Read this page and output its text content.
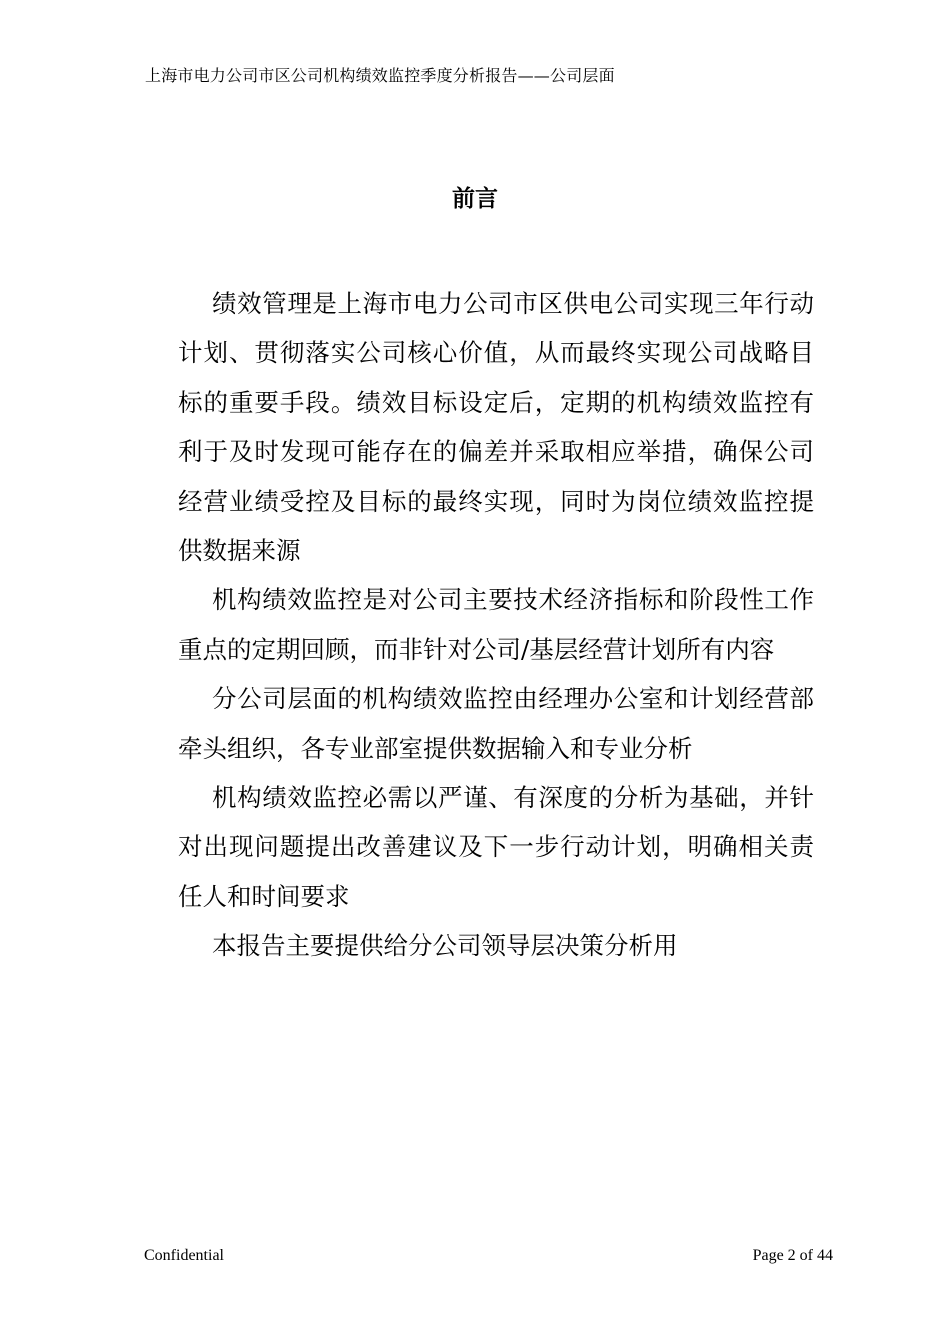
上海市电力公司市区公司机构绩效监控季度分析报告——公司层面
前言

绩效管理是上海市电力公司市区供电公司实现三年行动计划、贯彻落实公司核心价值，从而最终实现公司战略目标的重要手段。绩效目标设定后，定期的机构绩效监控有利于及时发现可能存在的偏差并采取相应举措，确保公司经营业绩受控及目标的最终实现，同时为岗位绩效监控提供数据来源

机构绩效监控是对公司主要技术经济指标和阶段性工作重点的定期回顾，而非针对公司/基层经营计划所有内容

分公司层面的机构绩效监控由经理办公室和计划经营部牵头组织，各专业部室提供数据输入和专业分析

机构绩效监控必需以严谨、有深度的分析为基础，并针对出现问题提出改善建议及下一步行动计划，明确相关责任人和时间要求

本报告主要提供给分公司领导层决策分析用

Confidential	Page 2 of 44
